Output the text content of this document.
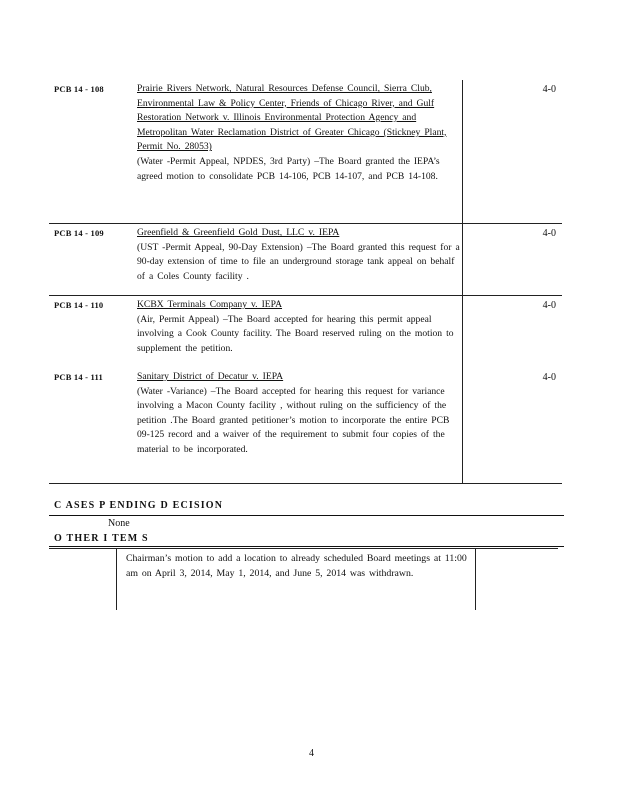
PCB 14 - 108	Prairie Rivers Network, Natural Resources Defense Council, Sierra Club, Environmental Law & Policy Center, Friends of Chicago River, and Gulf Restoration Network v. Illinois Environmental Protection Agency and Metropolitan Water Reclamation District of Greater Chicago (Stickney Plant, Permit No. 28053)
(Water -Permit Appeal, NPDES, 3rd Party) –The Board granted the IEPA’s agreed motion to consolidate PCB 14-106, PCB 14-107, and PCB 14-108.
4-0
PCB 14 - 109	Greenfield & Greenfield Gold Dust, LLC v. IEPA
(UST -Permit Appeal, 90-Day Extension) –The Board granted this request for a 90-day extension of time to file an underground storage tank appeal on behalf of a Coles County facility .
4-0
PCB 14 - 110	KCBX Terminals Company v. IEPA
(Air, Permit Appeal) –The Board accepted for hearing this permit appeal involving a Cook County facility. The Board reserved ruling on the motion to supplement the petition.
4-0
PCB 14 - 111	Sanitary District of Decatur v. IEPA
(Water -Variance) –The Board accepted for hearing this request for variance involving a Macon County facility , without ruling on the sufficiency of the petition .The Board granted petitioner’s motion to incorporate the entire PCB 09-125 record and a waiver of the requirement to submit four copies of the material to be incorporated.
4-0
C ASES P ENDING D ECISION
None
O THER I TEM S
Chairman’s motion to add a location to already scheduled Board meetings at 11:00 am on April 3, 2014, May 1, 2014, and June 5, 2014 was withdrawn.
4
